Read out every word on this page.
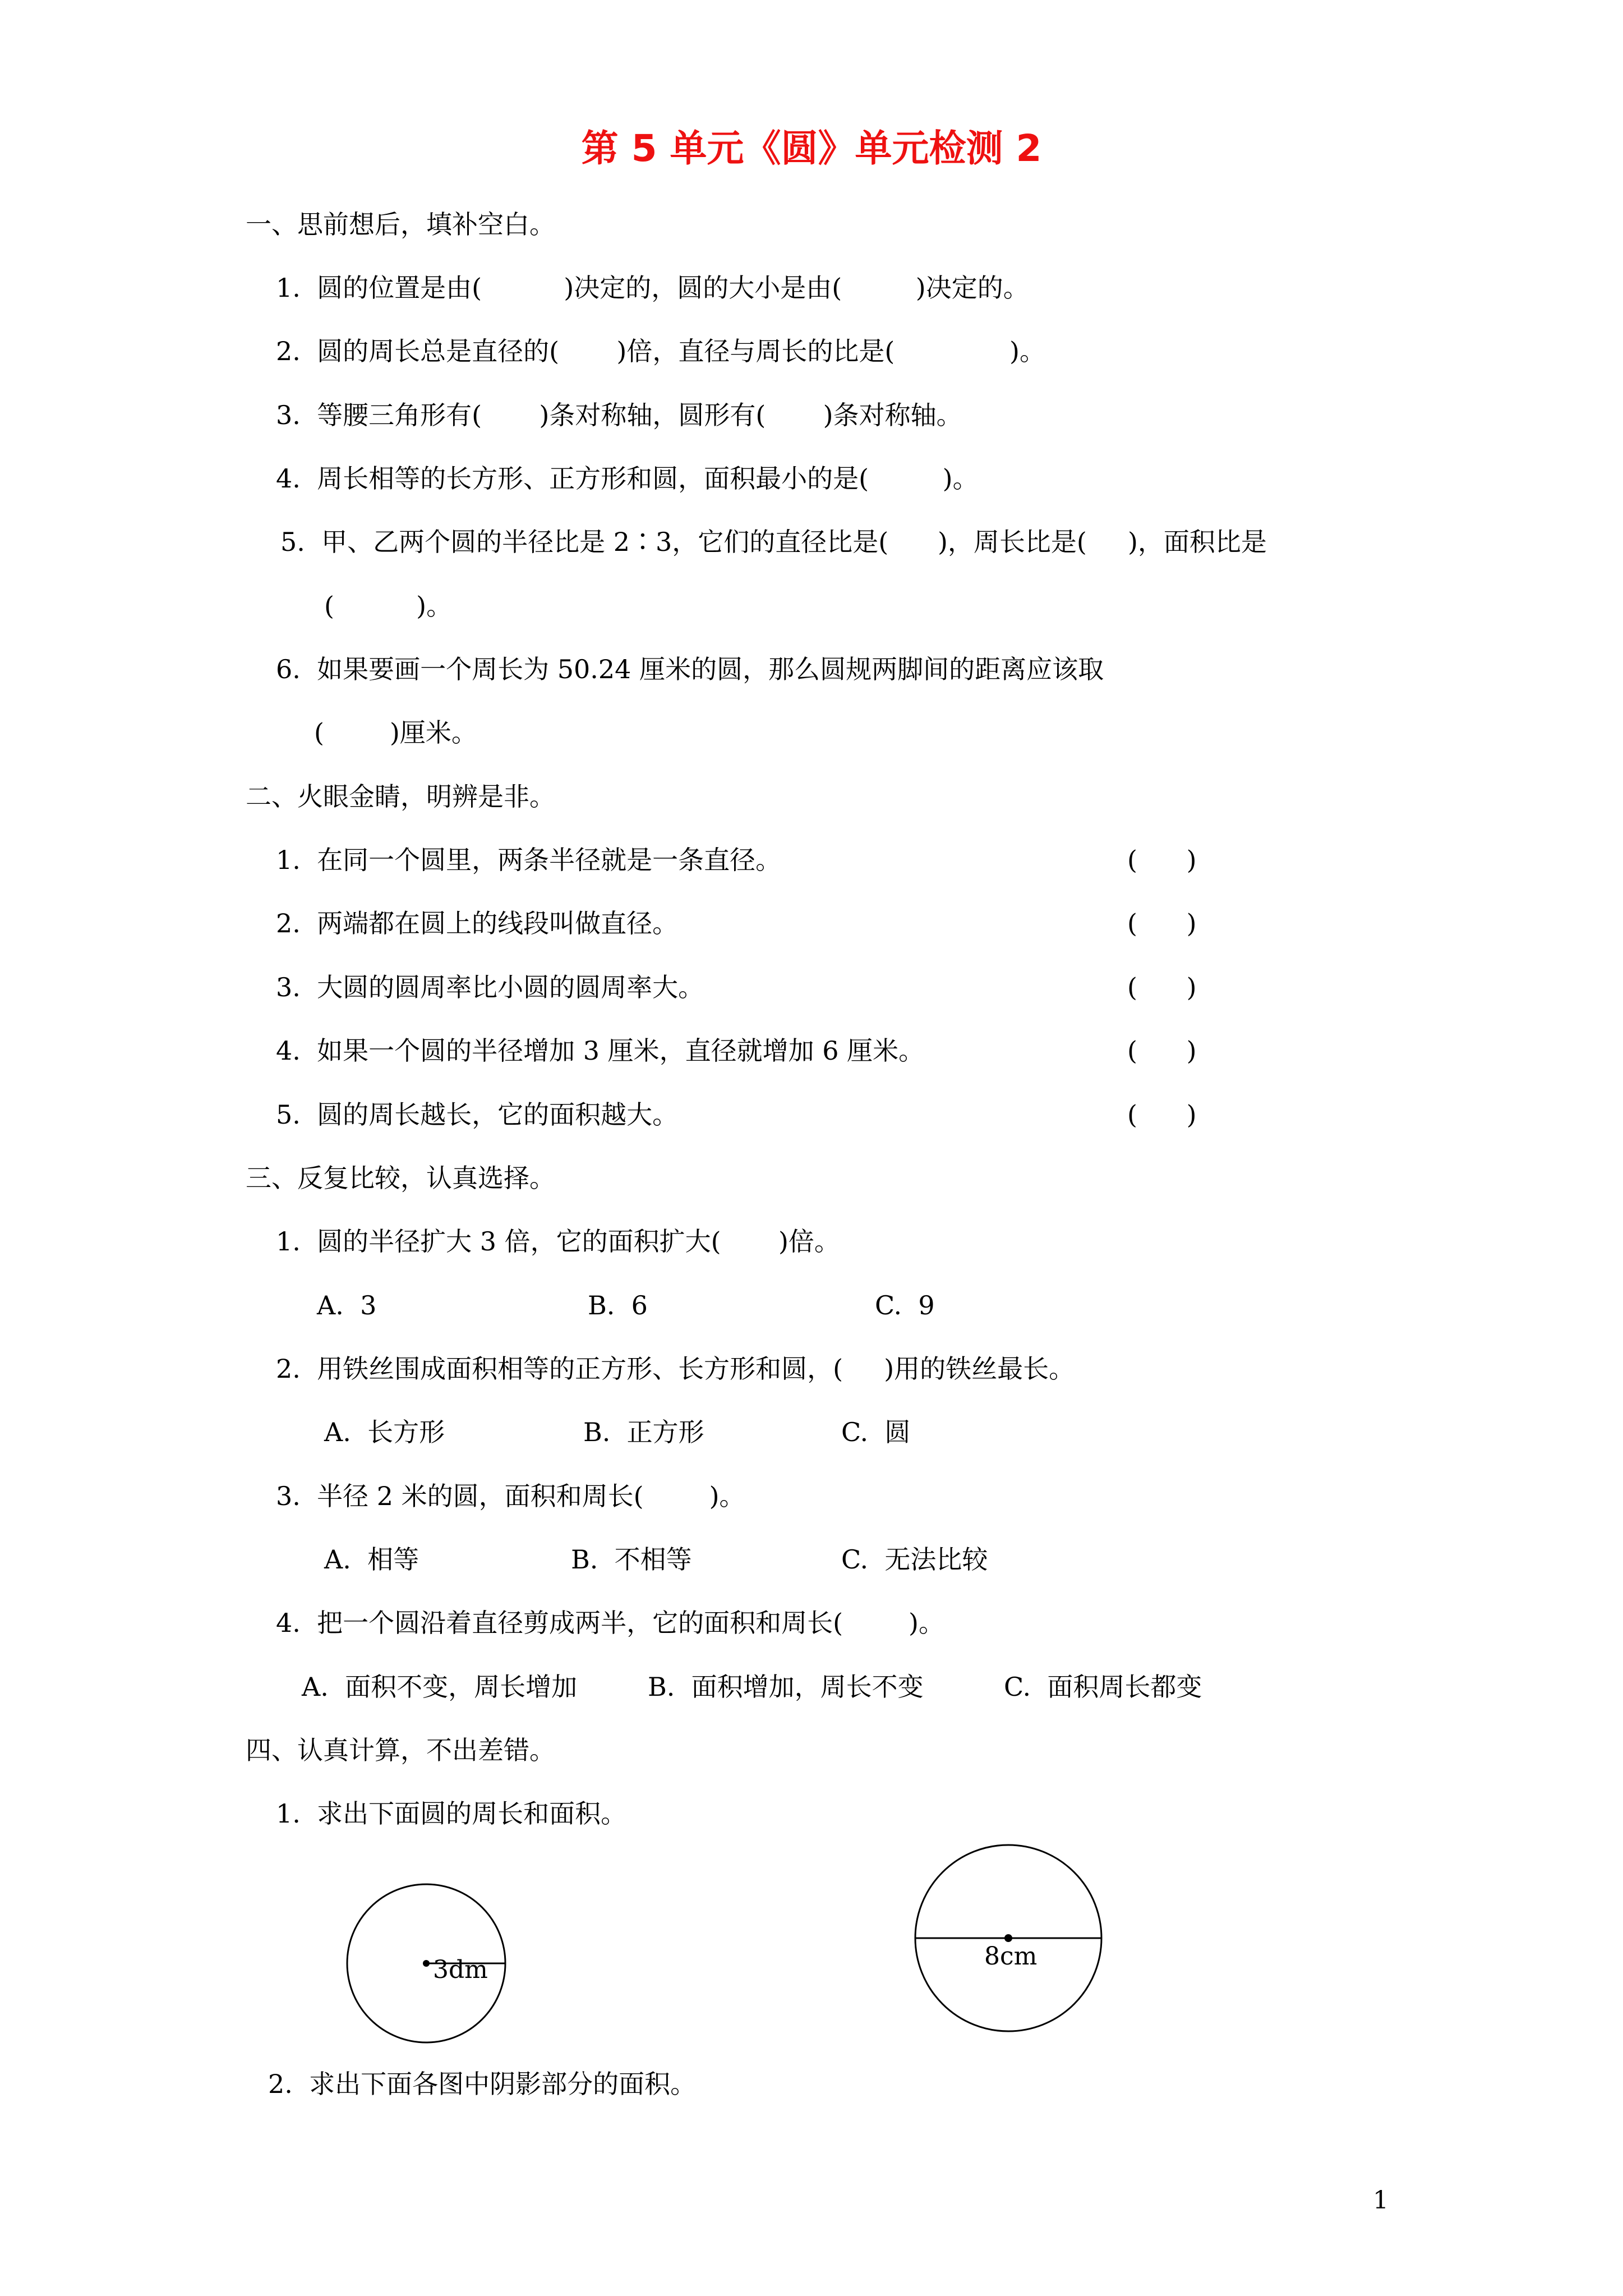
第 5 单元《圆》单元检测 2
一、思前想后，填补空白。
1.  圆的位置是由(          )决定的，圆的大小是由(         )决定的。
2.  圆的周长总是直径的(       )倍，直径与周长的比是(              )。
3.  等腰三角形有(       )条对称轴，圆形有(       )条对称轴。
4.  周长相等的长方形、正方形和圆，面积最小的是(         )。
5.  甲、乙两个圆的半径比是 2∶3，它们的直径比是(      )，周长比是(     )，面积比是
(          )。
6.  如果要画一个周长为 50.24 厘米的圆，那么圆规两脚间的距离应该取
(        )厘米。
二、火眼金睛，明辨是非。
1.  在同一个圆里，两条半径就是一条直径。	(      )
2.  两端都在圆上的线段叫做直径。	(      )
3.  大圆的圆周率比小圆的圆周率大。	(      )
4.  如果一个圆的半径增加 3 厘米，直径就增加 6 厘米。	(      )
5.  圆的周长越长，它的面积越大。	(      )
三、反复比较，认真选择。
1.  圆的半径扩大 3 倍，它的面积扩大(       )倍。
A.  3	B.  6	C.  9
2.  用铁丝围成面积相等的正方形、长方形和圆，(     )用的铁丝最长。
A.  长方形	B.  正方形	C.  圆
3.  半径 2 米的圆，面积和周长(        )。
A.  相等	B.  不相等	C.  无法比较
4.  把一个圆沿着直径剪成两半，它的面积和周长(        )。
A.  面积不变，周长增加	B.  面积增加，周长不变	C.  面积周长都变
四、认真计算，不出差错。
1.  求出下面圆的周长和面积。
3dm	8cm
2.  求出下面各图中阴影部分的面积。
1
